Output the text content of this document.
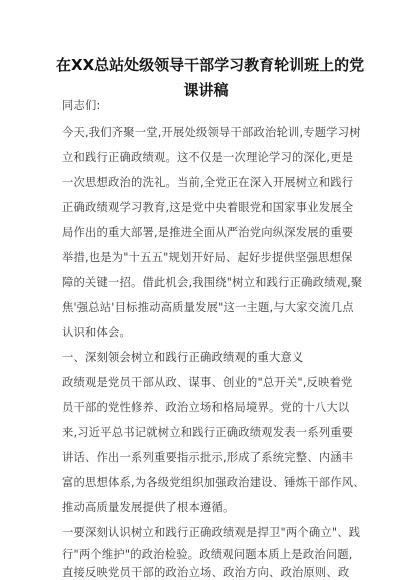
在XX总站处级领导干部学习教育轮训班上的党
课讲稿
同志们:
今天,我们齐聚一堂,开展处级领导干部政治轮训,专题学习树
立和践行正确政绩观。这不仅是一次理论学习的深化,更是
一次思想政治的洗礼。当前,全党正在深入开展树立和践行
正确政绩观学习教育,这是党中央着眼党和国家事业发展全
局作出的重大部署,是推进全面从严治党向纵深发展的重要
举措,也是为"十五五"规划开好局、起好步提供坚强思想保
障的关键一招。借此机会,我围绕"树立和践行正确政绩观,聚
焦'强总站'目标推动高质量发展"这一主题,与大家交流几点
认识和体会。
一、深刻领会树立和践行正确政绩观的重大意义
政绩观是党员干部从政、谋事、创业的"总开关",反映着党
员干部的党性修养、政治立场和格局境界。党的十八大以
来,习近平总书记就树立和践行正确政绩观发表一系列重要
讲话、作出一系列重要指示批示,形成了系统完整、内涵丰
富的思想体系,为各级党组织加强政治建设、锤炼干部作风、
推动高质量发展提供了根本遵循。
一要深刻认识树立和践行正确政绩观是捍卫"两个确立"、践
行"两个维护"的政治检验。政绩观问题本质上是政治问题,
直接反映党员干部的政治立场、政治方向、政治原则、政
